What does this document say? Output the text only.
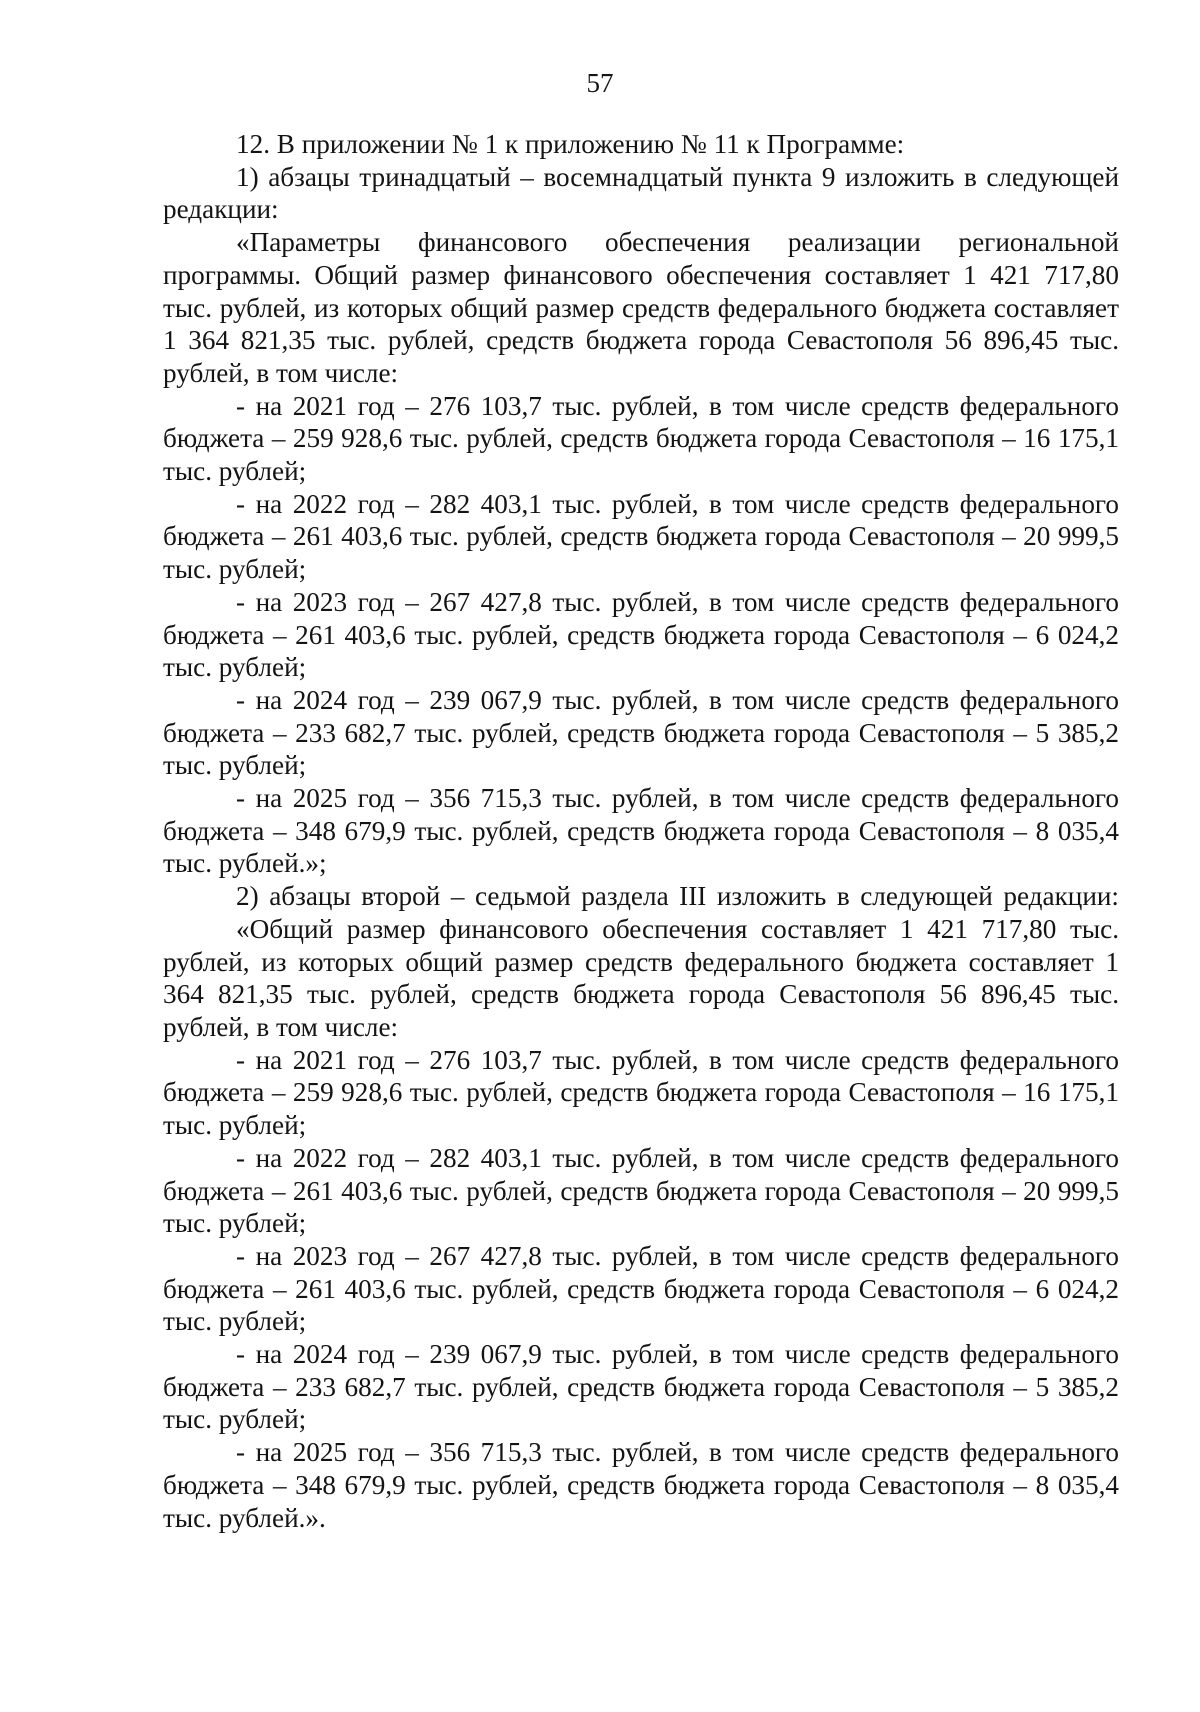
57

12. В приложении № 1 к приложению № 11 к Программе:

1) абзацы тринадцатый – восемнадцатый пункта 9 изложить в следующей редакции:

«Параметры финансового обеспечения реализации региональной программы. Общий размер финансового обеспечения составляет 1 421 717,80 тыс. рублей, из которых общий размер средств федерального бюджета составляет 1 364 821,35 тыс. рублей, средств бюджета города Севастополя 56 896,45 тыс. рублей, в том числе:

- на 2021 год – 276 103,7 тыс. рублей, в том числе средств федерального бюджета – 259 928,6 тыс. рублей, средств бюджета города Севастополя – 16 175,1 тыс. рублей;

- на 2022 год – 282 403,1 тыс. рублей, в том числе средств федерального бюджета – 261 403,6 тыс. рублей, средств бюджета города Севастополя – 20 999,5 тыс. рублей;

- на 2023 год – 267 427,8 тыс. рублей, в том числе средств федерального бюджета – 261 403,6 тыс. рублей, средств бюджета города Севастополя – 6 024,2 тыс. рублей;

- на 2024 год – 239 067,9 тыс. рублей, в том числе средств федерального бюджета – 233 682,7 тыс. рублей, средств бюджета города Севастополя – 5 385,2 тыс. рублей;

- на 2025 год – 356 715,3 тыс. рублей, в том числе средств федерального бюджета – 348 679,9 тыс. рублей, средств бюджета города Севастополя – 8 035,4 тыс. рублей.»;

2) абзацы второй – седьмой раздела III изложить в следующей редакции:

«Общий размер финансового обеспечения составляет 1 421 717,80 тыс. рублей, из которых общий размер средств федерального бюджета составляет 1 364 821,35 тыс. рублей, средств бюджета города Севастополя 56 896,45 тыс. рублей, в том числе:

- на 2021 год – 276 103,7 тыс. рублей, в том числе средств федерального бюджета – 259 928,6 тыс. рублей, средств бюджета города Севастополя – 16 175,1 тыс. рублей;

- на 2022 год – 282 403,1 тыс. рублей, в том числе средств федерального бюджета – 261 403,6 тыс. рублей, средств бюджета города Севастополя – 20 999,5 тыс. рублей;

- на 2023 год – 267 427,8 тыс. рублей, в том числе средств федерального бюджета – 261 403,6 тыс. рублей, средств бюджета города Севастополя – 6 024,2 тыс. рублей;

- на 2024 год – 239 067,9 тыс. рублей, в том числе средств федерального бюджета – 233 682,7 тыс. рублей, средств бюджета города Севастополя – 5 385,2 тыс. рублей;

- на 2025 год – 356 715,3 тыс. рублей, в том числе средств федерального бюджета – 348 679,9 тыс. рублей, средств бюджета города Севастополя – 8 035,4 тыс. рублей.».
